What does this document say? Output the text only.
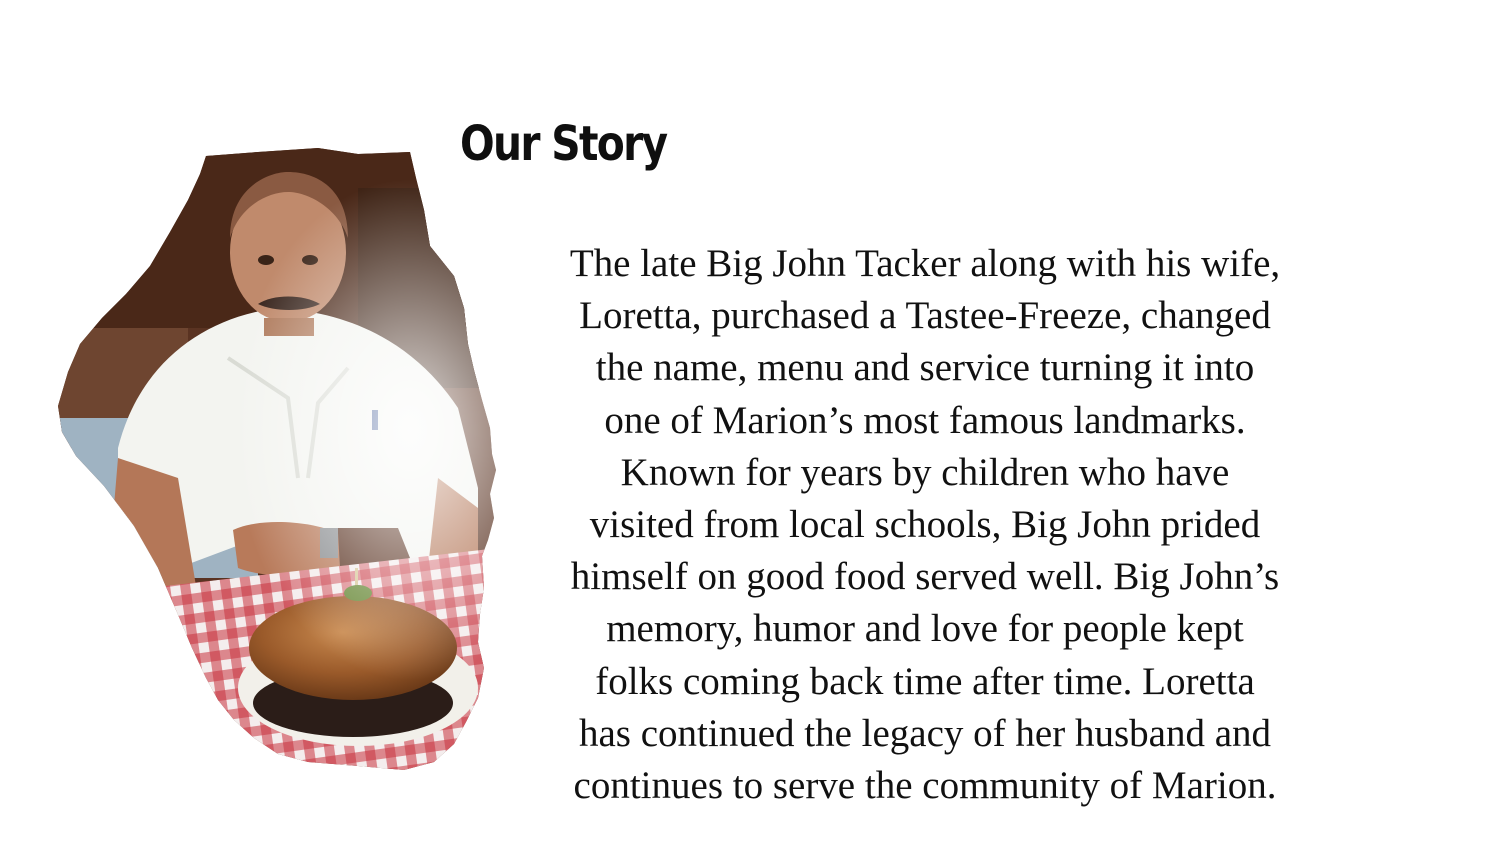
Our Story
The late Big John Tacker along with his wife,
Loretta, purchased a Tastee-Freeze, changed
the name, menu and service turning it into
one of Marion’s most famous landmarks.
Known for years by children who have
visited from local schools, Big John prided
himself on good food served well. Big John’s
memory, humor and love for people kept
folks coming back time after time. Loretta
has continued the legacy of her husband and
continues to serve the community of Marion.
